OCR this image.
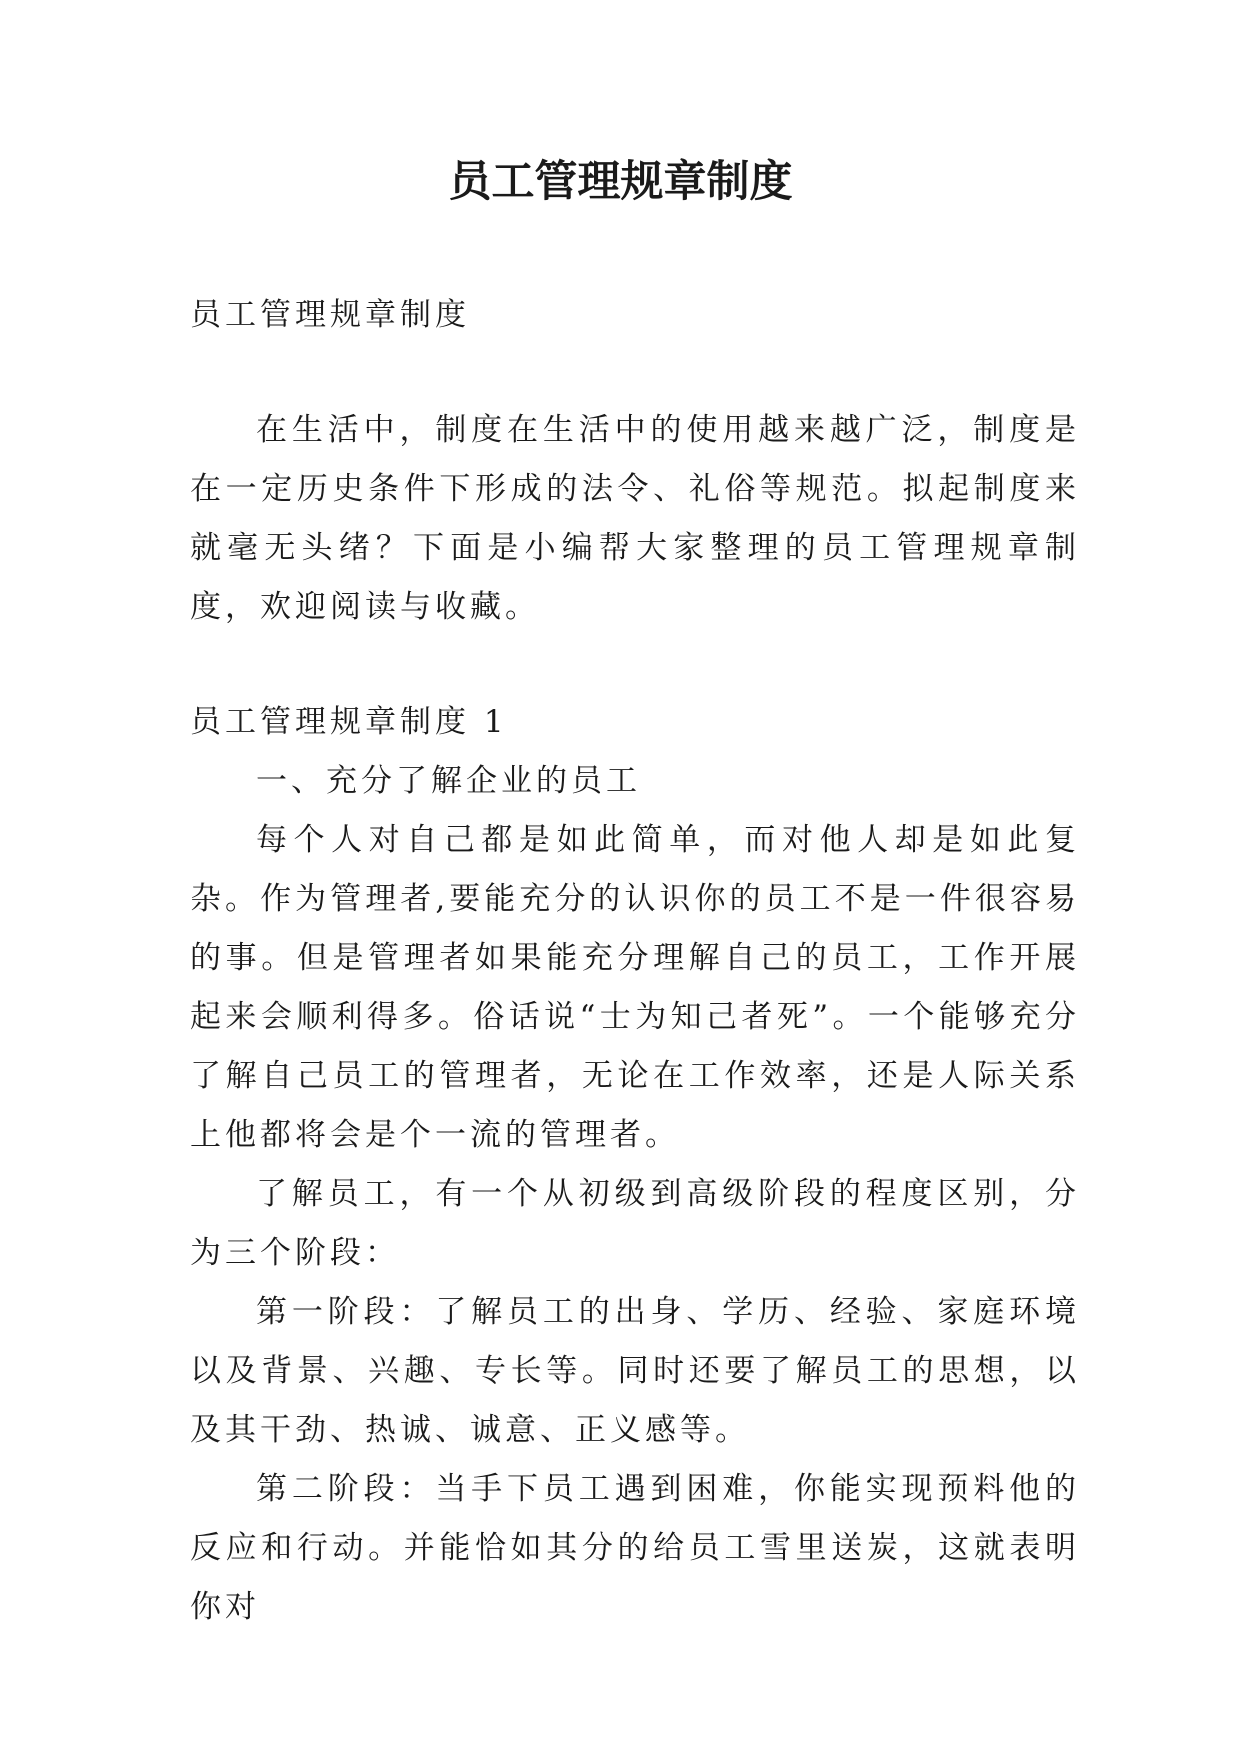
员工管理规章制度

员工管理规章制度

在生活中，制度在生活中的使用越来越广泛，制度是在一定历史条件下形成的法令、礼俗等规范。拟起制度来就毫无头绪？下面是小编帮大家整理的员工管理规章制度，欢迎阅读与收藏。

员工管理规章制度 1

一、充分了解企业的员工

每个人对自己都是如此简单，而对他人却是如此复杂。作为管理者,要能充分的认识你的员工不是一件很容易的事。但是管理者如果能充分理解自己的员工，工作开展起来会顺利得多。俗话说“士为知己者死”。一个能够充分了解自己员工的管理者，无论在工作效率，还是人际关系上他都将会是个一流的管理者。

了解员工，有一个从初级到高级阶段的程度区别，分为三个阶段：

第一阶段：了解员工的出身、学历、经验、家庭环境以及背景、兴趣、专长等。同时还要了解员工的思想，以及其干劲、热诚、诚意、正义感等。

第二阶段：当手下员工遇到困难，你能实现预料他的反应和行动。并能恰如其分的给员工雪里送炭，这就表明你对
